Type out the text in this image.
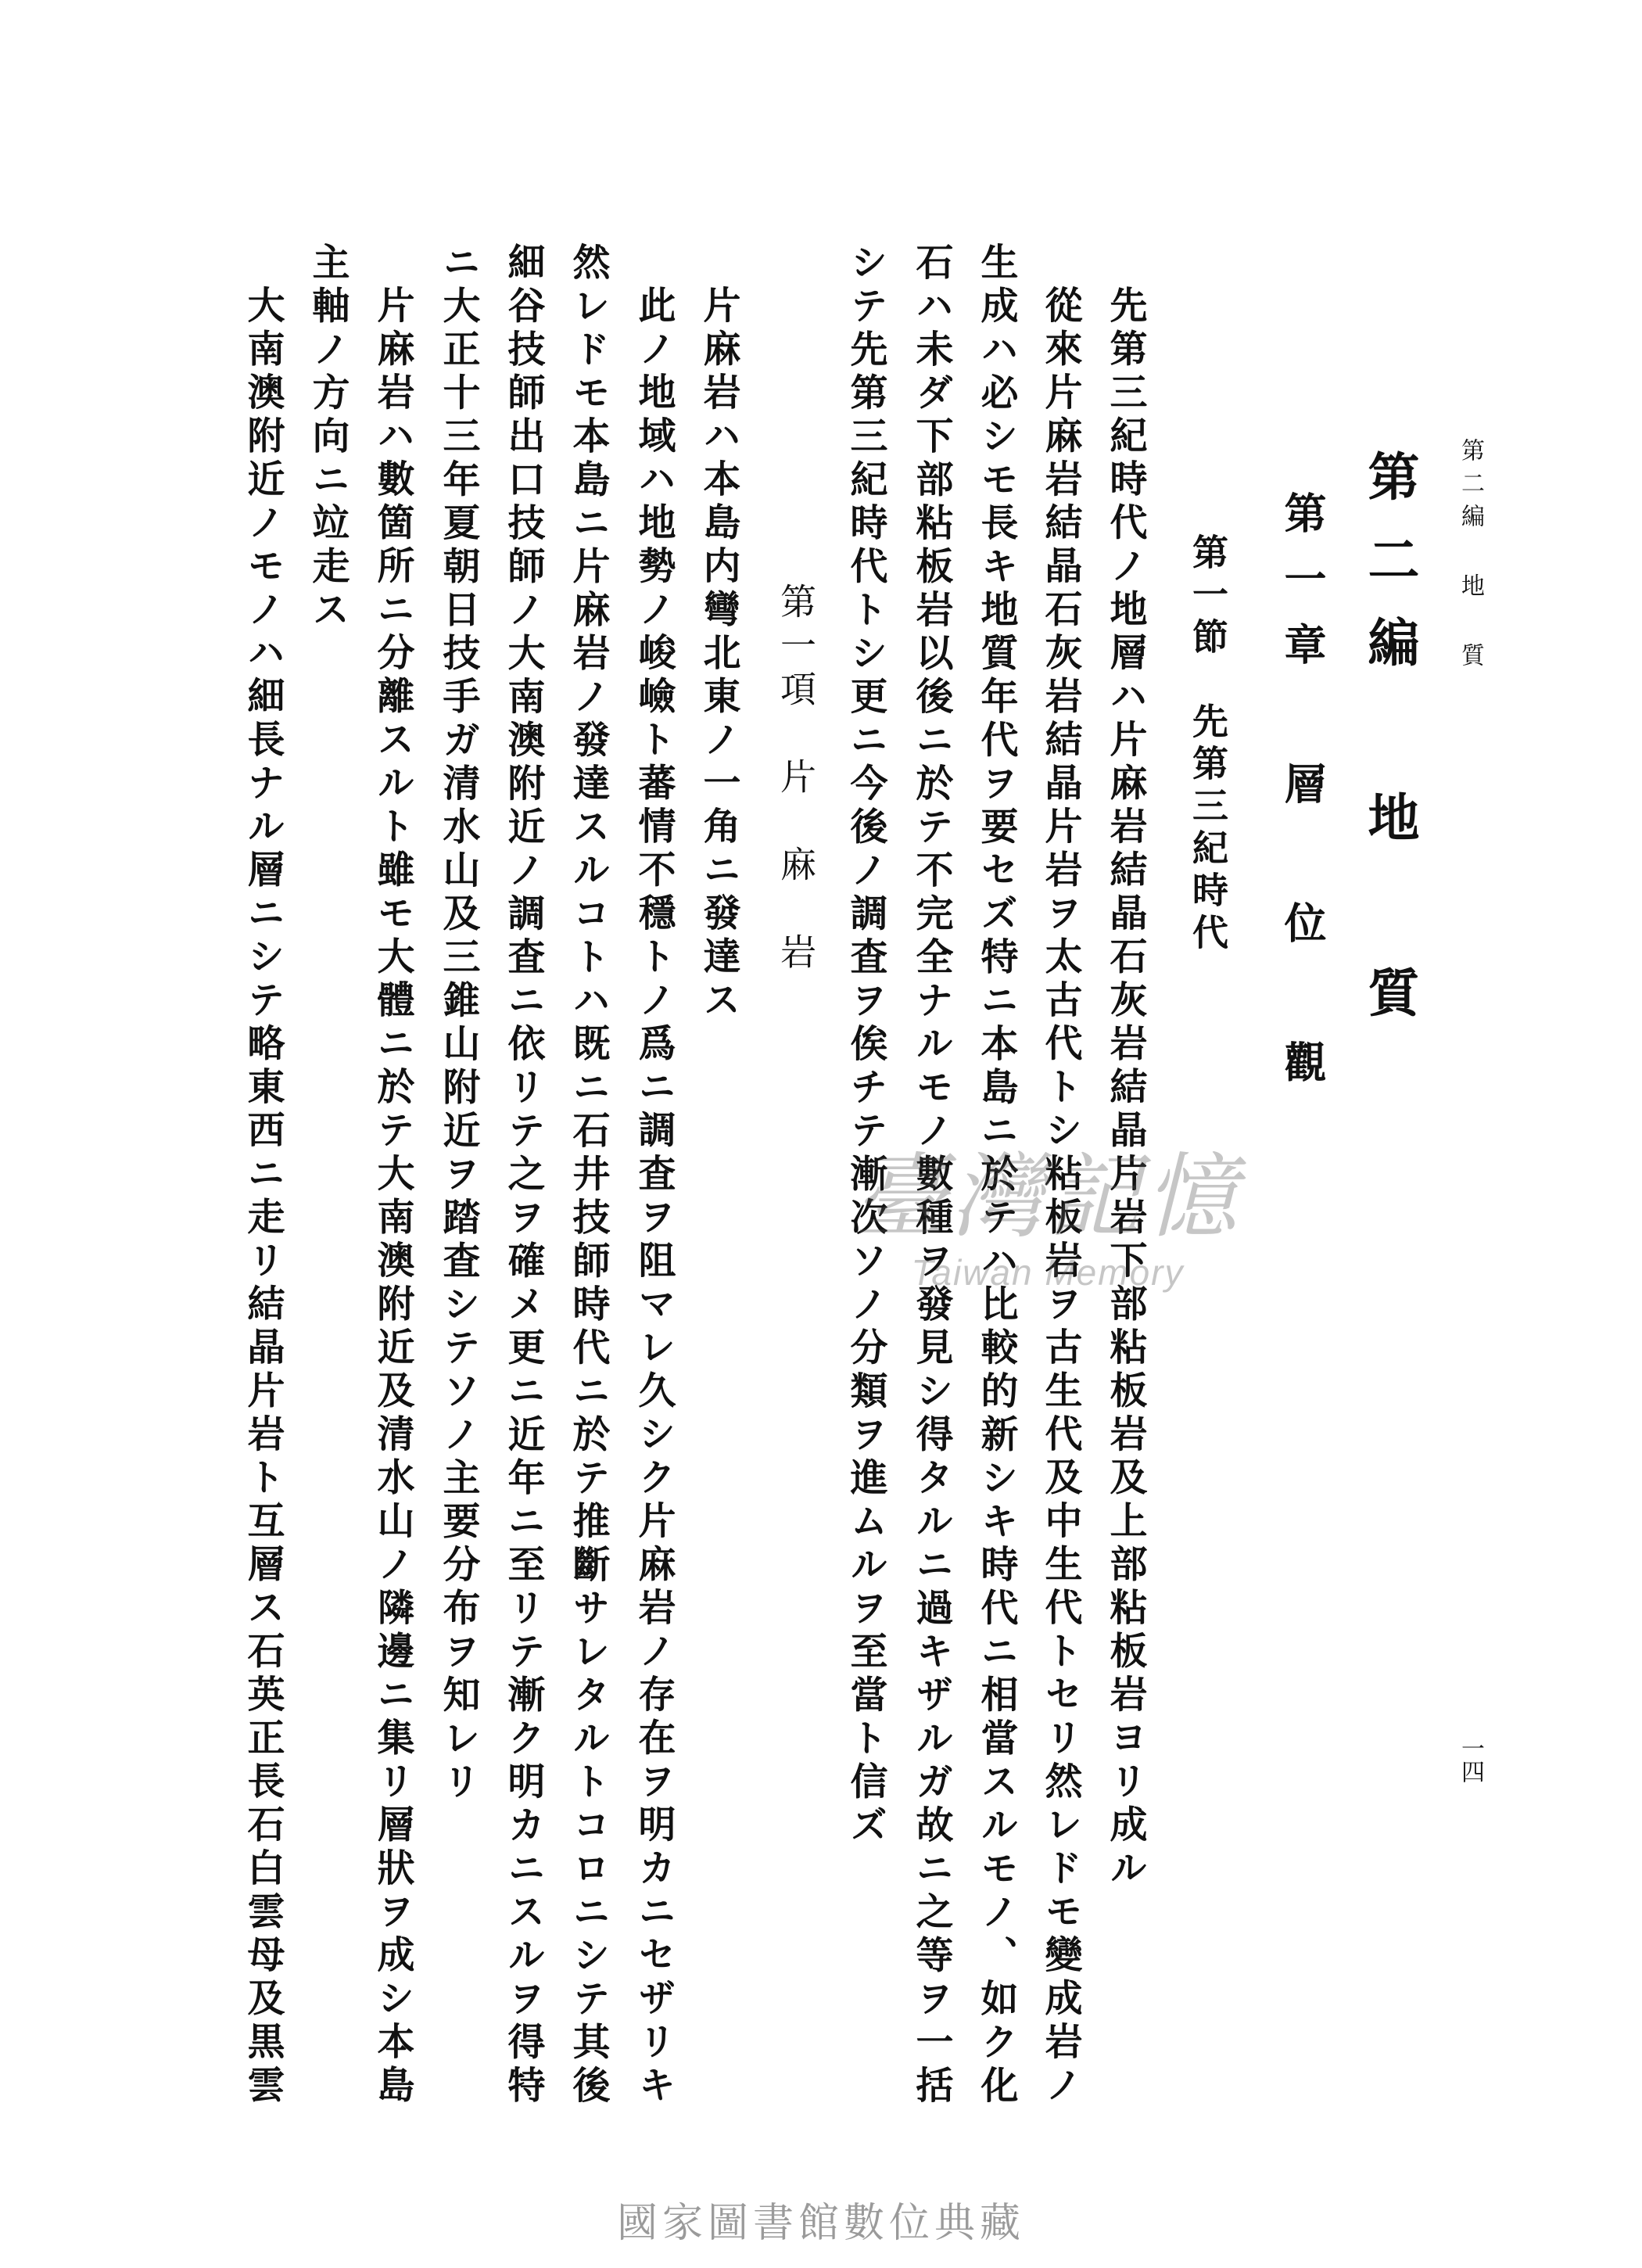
第二編 地 質
一四
第二編 地 質
第一章 層 位 觀
第一節　先第三紀時代
先第三紀時代ノ地層ハ片麻岩結晶石灰岩結晶片岩下部粘板岩及上部粘板岩ヨリ成ル
從來片麻岩結晶石灰岩結晶片岩ヲ太古代トシ粘板岩ヲ古生代及中生代トセリ然レドモ變成岩ノ
生成ハ必シモ長キ地質年代ヲ要セズ特ニ本島ニ於テハ比較的新シキ時代ニ相當スルモノ、如ク化
石ハ未ダ下部粘板岩以後ニ於テ不完全ナルモノ數種ヲ發見シ得タルニ過キザルガ故ニ之等ヲ一括
シテ先第三紀時代トシ更ニ今後ノ調査ヲ俟チテ漸次ソノ分類ヲ進ムルヲ至當ト信ズ
第一項　片　麻　岩
片麻岩ハ本島内彎北東ノ一角ニ發達ス
此ノ地域ハ地勢ノ峻嶮ト蕃情不穩トノ爲ニ調査ヲ阻マレ久シク片麻岩ノ存在ヲ明カニセザリキ
然レドモ本島ニ片麻岩ノ發達スルコトハ既ニ石井技師時代ニ於テ推斷サレタルトコロニシテ其後
細谷技師出口技師ノ大南澳附近ノ調査ニ依リテ之ヲ確メ更ニ近年ニ至リテ漸ク明カニスルヲ得特
ニ大正十三年夏朝日技手ガ清水山及三錐山附近ヲ踏査シテソノ主要分布ヲ知レリ
片麻岩ハ數箇所ニ分離スルト雖モ大體ニ於テ大南澳附近及清水山ノ隣邊ニ集リ層狀ヲ成シ本島
主軸ノ方向ニ竝走ス
大南澳附近ノモノハ細長ナル層ニシテ略東西ニ走リ結晶片岩ト互層ス石英正長石白雲母及黒雲	臺灣記憶
Taiwan Memory
國家圖書館數位典藏
